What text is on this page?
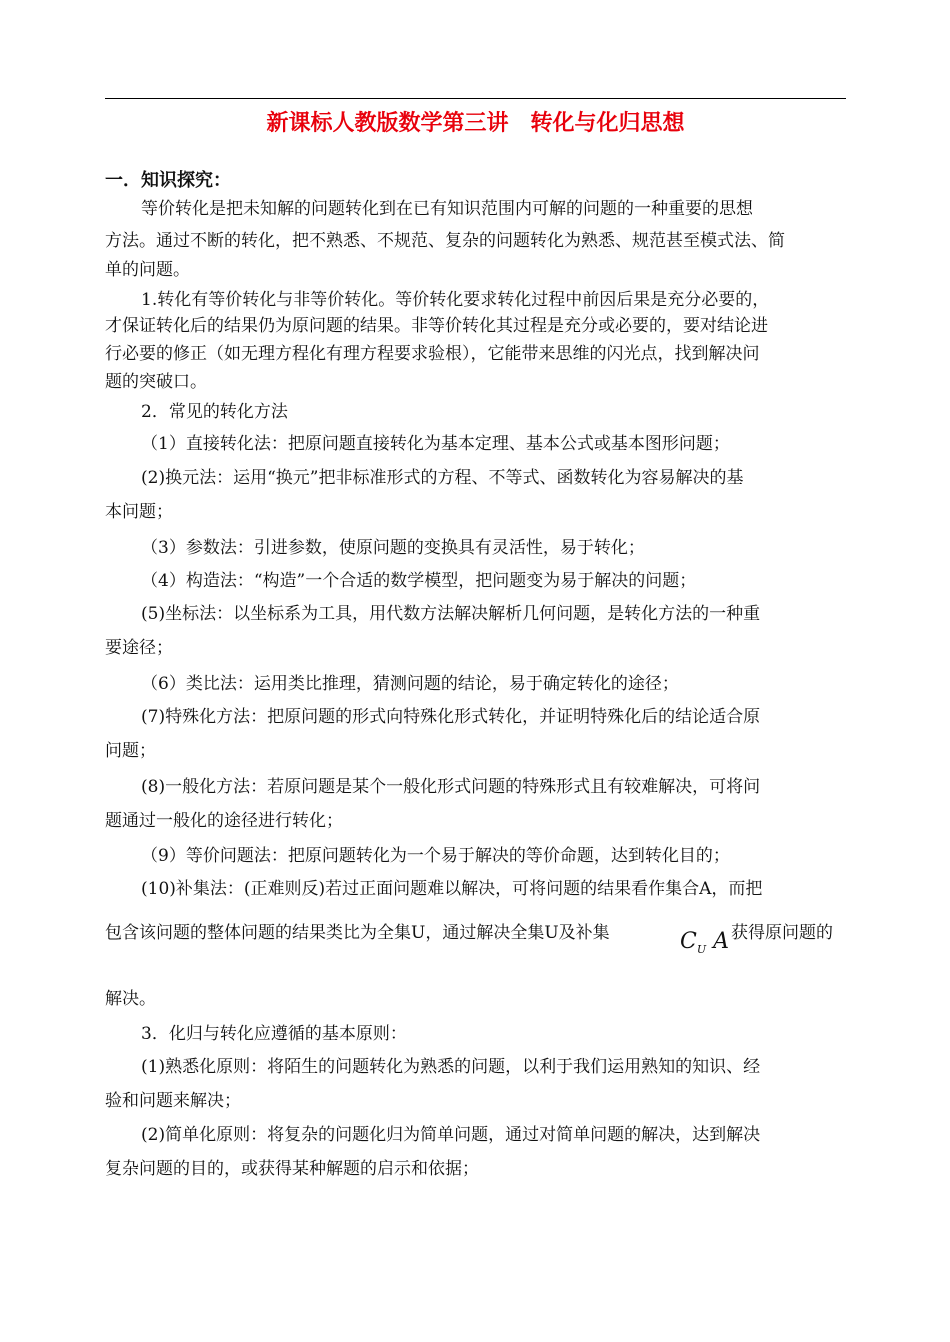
新课标人教版数学第三讲　转化与化归思想
一．知识探究：
等价转化是把未知解的问题转化到在已有知识范围内可解的问题的一种重要的思想
方法。通过不断的转化，把不熟悉、不规范、复杂的问题转化为熟悉、规范甚至模式法、简
单的问题。
1.转化有等价转化与非等价转化。等价转化要求转化过程中前因后果是充分必要的，
才保证转化后的结果仍为原问题的结果。非等价转化其过程是充分或必要的，要对结论进
行必要的修正（如无理方程化有理方程要求验根），它能带来思维的闪光点，找到解决问
题的突破口。
2．常见的转化方法
（1）直接转化法：把原问题直接转化为基本定理、基本公式或基本图形问题；
(2)换元法：运用“换元”把非标准形式的方程、不等式、函数转化为容易解决的基
本问题；
（3）参数法：引进参数，使原问题的变换具有灵活性，易于转化；
（4）构造法：“构造”一个合适的数学模型，把问题变为易于解决的问题；
(5)坐标法：以坐标系为工具，用代数方法解决解析几何问题，是转化方法的一种重
要途径；
（6）类比法：运用类比推理，猜测问题的结论，易于确定转化的途径；
(7)特殊化方法：把原问题的形式向特殊化形式转化，并证明特殊化后的结论适合原
问题；
(8)一般化方法：若原问题是某个一般化形式问题的特殊形式且有较难解决，可将问
题通过一般化的途径进行转化；
（9）等价问题法：把原问题转化为一个易于解决的等价命题，达到转化目的；
(10)补集法：(正难则反)若过正面问题难以解决，可将问题的结果看作集合A，而把
包含该问题的整体问题的结果类比为全集U，通过解决全集U及补集	$C_U$ A 获得原问题的
解决。
3．化归与转化应遵循的基本原则：
(1)熟悉化原则：将陌生的问题转化为熟悉的问题，以利于我们运用熟知的知识、经
验和问题来解决；
(2)简单化原则：将复杂的问题化归为简单问题，通过对简单问题的解决，达到解决
复杂问题的目的，或获得某种解题的启示和依据；
